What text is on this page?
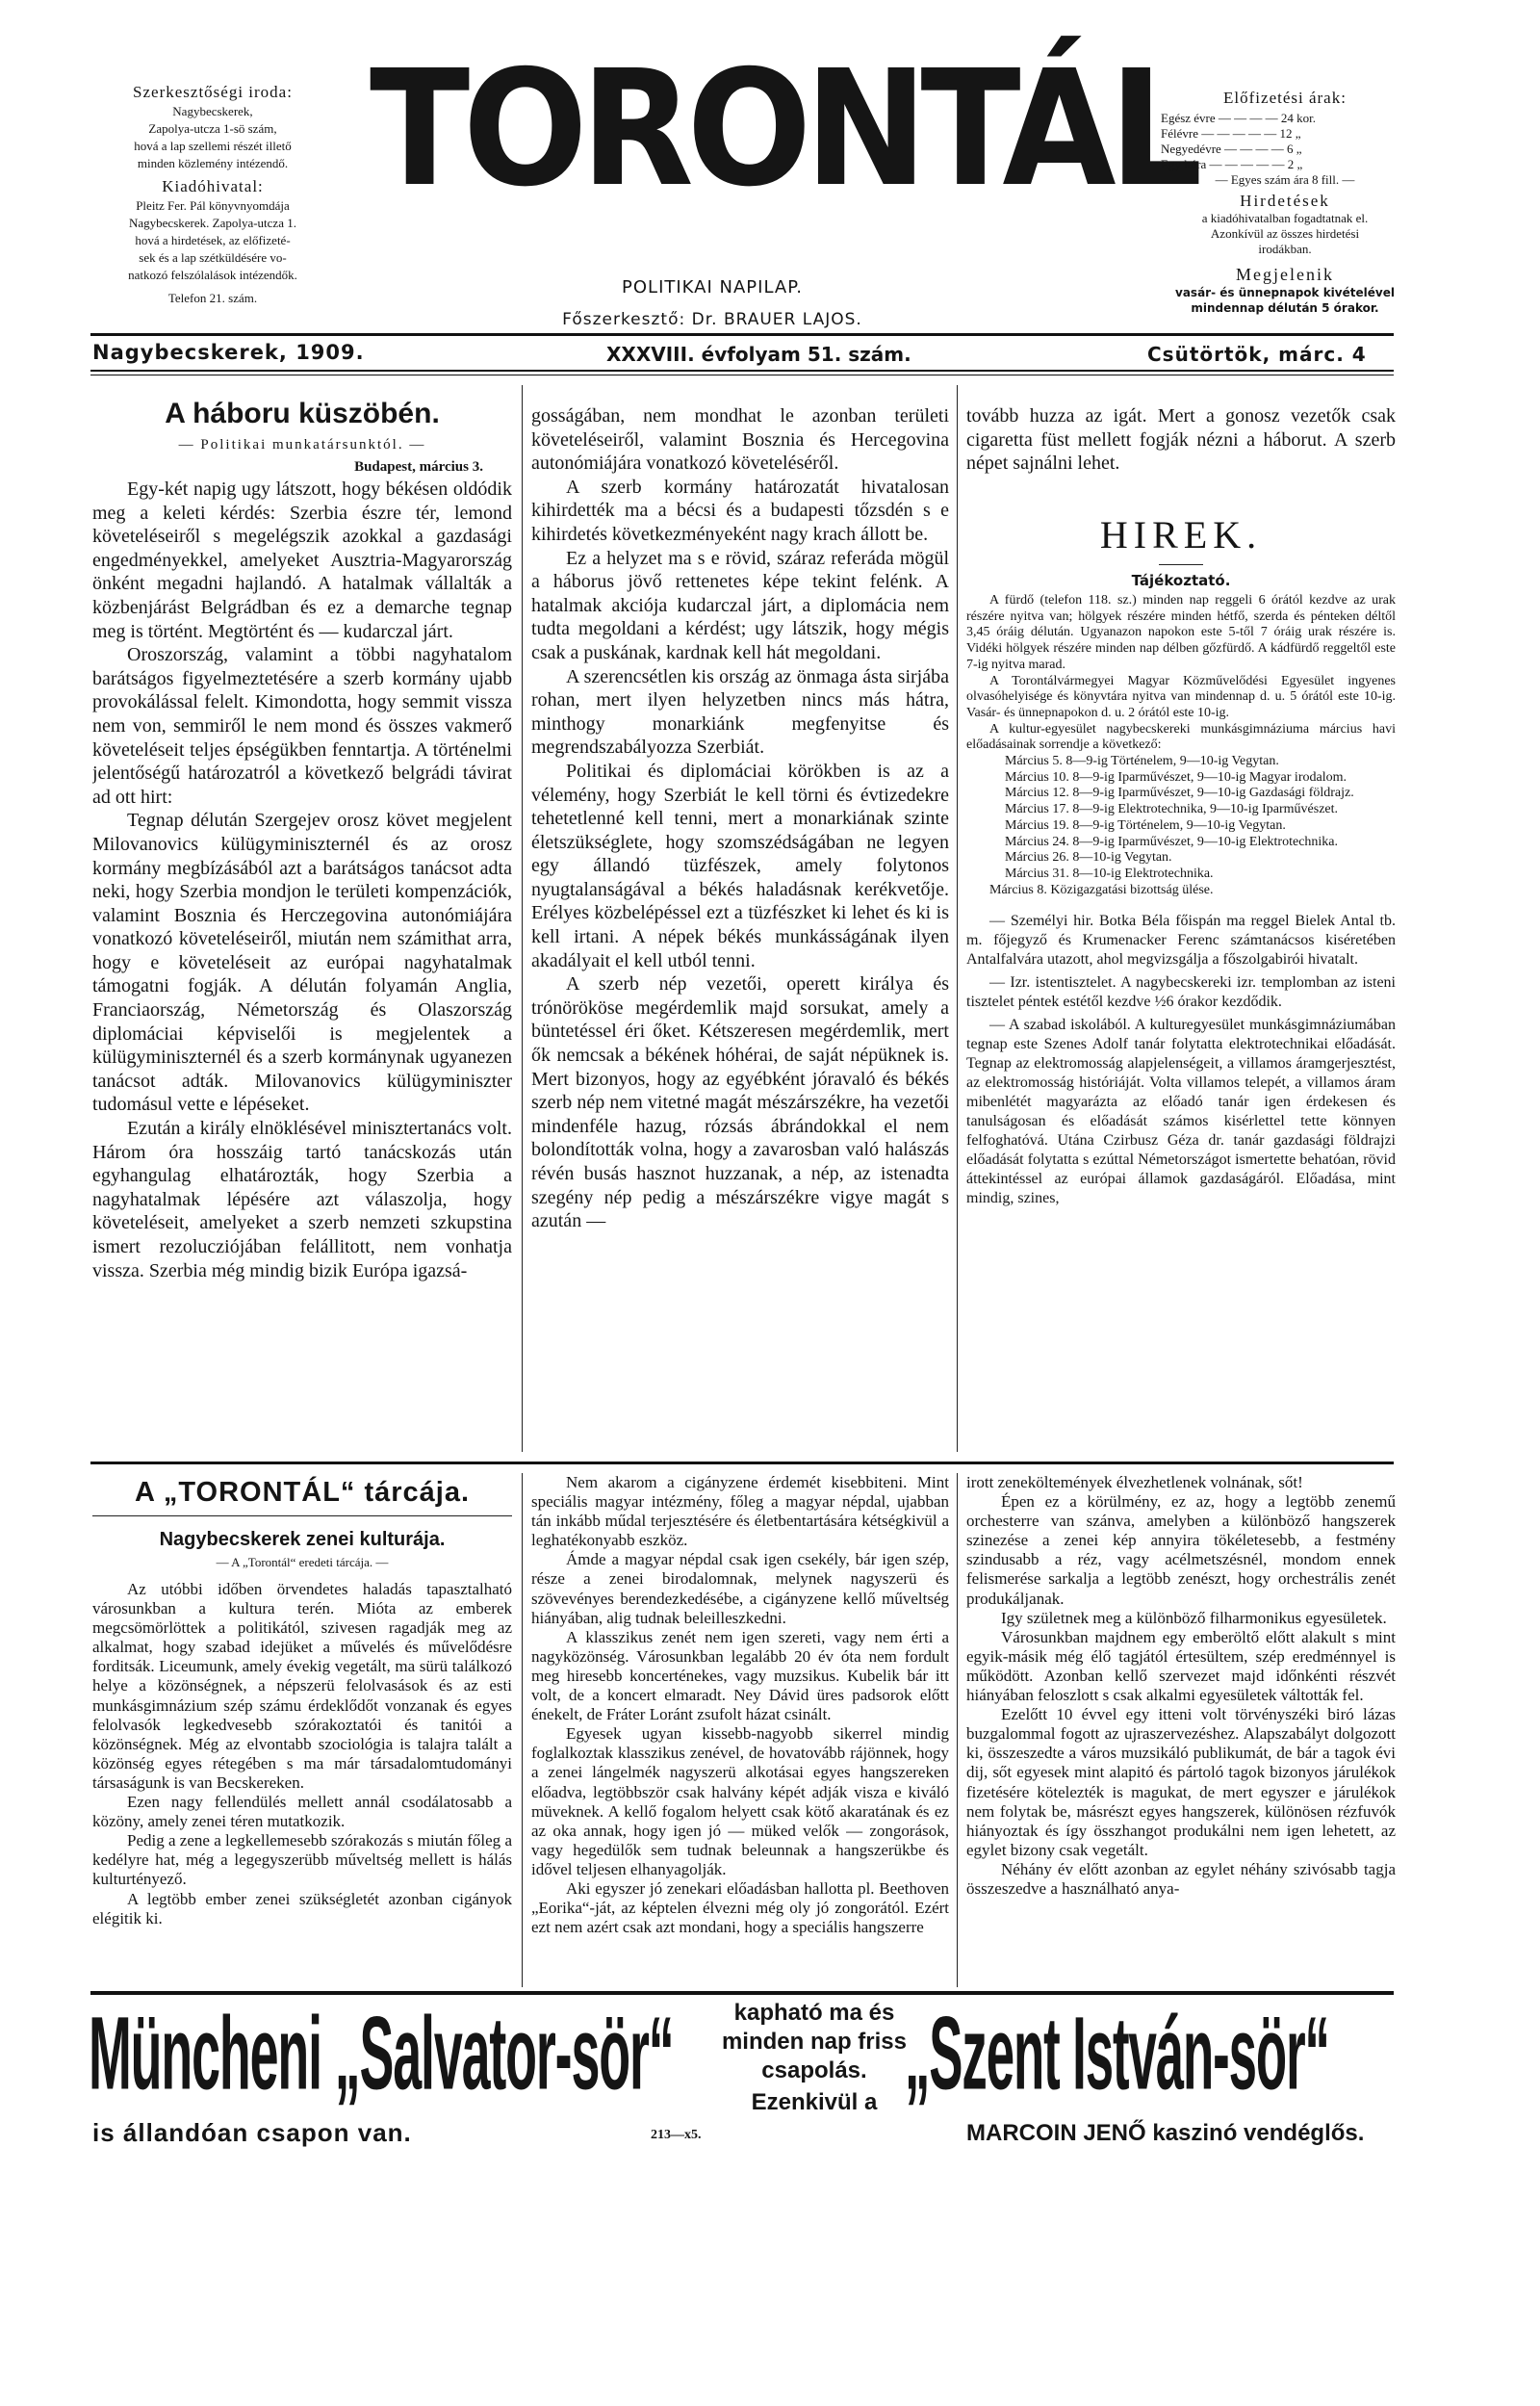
Szerkesztőségi iroda:

Nagybecskerek,

Zapolya-utcza 1-sö szám,

hová a lap szellemi részét illető

minden közlemény intézendő.

Kiadóhivatal:

Pleitz Fer. Pál könyvnyomdája

Nagybecskerek. Zapolya-utcza 1.

hová a hirdetések, az előfizeté-

sek és a lap szétküldésére vo-

natkozó felszólalások intézendők.

Telefon 21. szám.

TORONTÁL
POLITIKAI NAPILAP.
Főszerkesztő: Dr. BRAUER LAJOS.
Előfizetési árak:
Egész évre — — — — 24 kor.
Félévre — — — — — 12 „
Negyedévre — — — — 6 „
Egy hóra — — — — — 2 „
— Egyes szám ára 8 fill. —
Hirdetések
a kiadóhivatalban fogadtatnak el.
Azonkívül az összes hirdetési
irodákban.
Megjelenik
vasár- és ünnepnapok kivételével
mindennap délután 5 órakor.
Nagybecskerek, 1909.	XXXVIII. évfolyam 51. szám.	Csütörtök, márc. 4
A háboru küszöbén.
— Politikai munkatársunktól. —
Budapest, március 3.

Egy-két napig ugy látszott, hogy békésen oldódik meg a keleti kérdés: Szerbia észre tér, lemond követeléseiről s megelégszik azokkal a gazdasági engedményekkel, amelyeket Ausztria-Magyarország önként megadni hajlandó. A hatalmak vállalták a közbenjárást Belgrádban és ez a demarche tegnap meg is történt. Megtörtént és — kudarczal járt.

Oroszország, valamint a többi nagyhatalom barátságos figyelmeztetésére a szerb kormány ujabb provokálással felelt. Kimondotta, hogy semmit vissza nem von, semmiről le nem mond és összes vakmerő követeléseit teljes épségükben fenntartja. A történelmi jelentőségű határozatról a következő belgrádi távirat ad ott hirt:

Tegnap délután Szergejev orosz követ megjelent Milovanovics külügyminiszternél és az orosz kormány megbízásából azt a barátságos tanácsot adta neki, hogy Szerbia mondjon le területi kompenzációk, valamint Bosznia és Herczegovina autonómiájára vonatkozó követeléseiről, miután nem számithat arra, hogy e követeléseit az európai nagyhatalmak támogatni fogják. A délután folyamán Anglia, Franciaország, Németország és Olaszország diplomáciai képviselői is megjelentek a külügyminiszternél és a szerb kormánynak ugyanezen tanácsot adták. Milovanovics külügyminiszter tudomásul vette e lépéseket.

Ezután a király elnöklésével minisztertanács volt. Három óra hosszáig tartó tanácskozás után egyhangulag elhatározták, hogy Szerbia a nagyhatalmak lépésére azt válaszolja, hogy követeléseit, amelyeket a szerb nemzeti szkupstina ismert rezolucziójában felállitott, nem vonhatja vissza. Szerbia még mindig bizik Európa igazsá-

gosságában, nem mondhat le azonban területi követeléseiről, valamint Bosznia és Hercegovina autonómiájára vonatkozó követeléséről.

A szerb kormány határozatát hivatalosan kihirdették ma a bécsi és a budapesti tőzsdén s e kihirdetés következményeként nagy krach állott be.

Ez a helyzet ma s e rövid, száraz referáda mögül a háborus jövő rettenetes képe tekint felénk. A hatalmak akciója kudarczal járt, a diplomácia nem tudta megoldani a kérdést; ugy látszik, hogy mégis csak a puskának, kardnak kell hát megoldani.

A szerencsétlen kis ország az önmaga ásta sirjába rohan, mert ilyen helyzetben nincs más hátra, minthogy monarkiánk megfenyitse és megrendszabályozza Szerbiát.

Politikai és diplomáciai körökben is az a vélemény, hogy Szerbiát le kell törni és évtizedekre tehetetlenné kell tenni, mert a monarkiának szinte életszükséglete, hogy szomszédságában ne legyen egy állandó tüzfészek, amely folytonos nyugtalanságával a békés haladásnak kerékvetője. Erélyes közbelépéssel ezt a tüzfészket ki lehet és ki is kell irtani. A népek békés munkásságának ilyen akadályait el kell utból tenni.

A szerb nép vezetői, operett királya és trónörököse megérdemlik majd sorsukat, amely a büntetéssel éri őket. Kétszeresen megérdemlik, mert ők nemcsak a békének hóhérai, de saját népüknek is. Mert bizonyos, hogy az egyébként jóravaló és békés szerb nép nem vitetné magát mészárszékre, ha vezetői mindenféle hazug, rózsás ábrándokkal el nem bolondították volna, hogy a zavarosban való halászás révén busás hasznot huzzanak, a nép, az istenadta szegény nép pedig a mészárszékre vigye magát s azután —

tovább huzza az igát. Mert a gonosz vezetők csak cigaretta füst mellett fogják nézni a háborut. A szerb népet sajnálni lehet.

HIREK.
Tájékoztató.

A fürdő (telefon 118. sz.) minden nap reggeli 6 órától kezdve az urak részére nyitva van; hölgyek részére minden hétfő, szerda és pénteken déltől 3,45 óráig délután. Ugyanazon napokon este 5-től 7 óráig urak részére is. Vidéki hölgyek részére minden nap délben gőzfürdő. A kádfürdő reggeltől este 7-ig nyitva marad.

A Torontálvármegyei Magyar Közművelődési Egyesület ingyenes olvasóhelyisége és könyvtára nyitva van mindennap d. u. 5 órától este 10-ig. Vasár- és ünnepnapokon d. u. 2 órától este 10-ig.

A kultur-egyesület nagybecskereki munkásgimnáziuma március havi előadásainak sorrendje a következő:

Március 5. 8—9-ig Történelem, 9—10-ig Vegytan.

Március 10. 8—9-ig Iparművészet, 9—10-ig Magyar irodalom.

Március 12. 8—9-ig Iparművészet, 9—10-ig Gazdasági földrajz.

Március 17. 8—9-ig Elektrotechnika, 9—10-ig Iparművészet.

Március 19. 8—9-ig Történelem, 9—10-ig Vegytan.

Március 24. 8—9-ig Iparművészet, 9—10-ig Elektrotechnika.

Március 26. 8—10-ig Vegytan.

Március 31. 8—10-ig Elektrotechnika.

Március 8. Közigazgatási bizottság ülése.

— Személyi hir. Botka Béla főispán ma reggel Bielek Antal tb. m. főjegyző és Krumenacker Ferenc számtanácsos kiséretében Antalfalvára utazott, ahol megvizsgálja a főszolgabirói hivatalt.

— Izr. istentisztelet. A nagybecskereki izr. templomban az isteni tisztelet péntek estétől kezdve ½6 órakor kezdődik.

— A szabad iskolából. A kulturegyesület munkásgimnáziumában tegnap este Szenes Adolf tanár folytatta elektrotechnikai előadását. Tegnap az elektromosság alapjelenségeit, a villamos áramgerjesztést, az elektromosság históriáját. Volta villamos telepét, a villamos áram mibenlétét magyarázta az előadó tanár igen érdekesen és tanulságosan és előadását számos kisérlettel tette könnyen felfoghatóvá. Utána Czirbusz Géza dr. tanár gazdasági földrajzi előadását folytatta s ezúttal Németországot ismertette behatóan, rövid áttekintéssel az európai államok gazdaságáról. Előadása, mint mindig, szines,

A „TORONTÁL“ tárcája.
Nagybecskerek zenei kulturája.
— A „Torontál“ eredeti tárcája. —

Az utóbbi időben örvendetes haladás tapasztalható városunkban a kultura terén. Miótа az emberek megcsömörlöttek a politikától, szivesen ragadják meg az alkalmat, hogy szabad idejüket a művelés és művelődésre forditsák. Liceumunk, amely évekig vegetált, ma sürü találkozó helye a közönségnek, a népszerü felolvasások és az esti munkásgimnázium szép számu érdeklődőt vonzanak és egyes felolvasók legkedvesebb szórakoztatói és tanitói a közönségnek. Még az elvontabb szociológia is talajra talált a közönség egyes rétegében s ma már társadalomtudományi társaságunk is van Becskereken.

Ezen nagy fellendülés mellett annál csodálatosabb a közöny, amely zenei téren mutatkozik.

Pedig a zene a legkellemesebb szórakozás s miután főleg a kedélyre hat, még a legegyszerübb műveltség mellett is hálás kulturtényező.

A legtöbb ember zenei szükségletét azonban cigányok elégitik ki.

Nem akarom a cigányzene érdemét kisebbiteni. Mint speciális magyar intézmény, főleg a magyar népdal, ujabban tán inkább műdal terjesztésére és életbentartására kétségkivül a leghatékonyabb eszköz.

Ámde a magyar népdal csak igen csekély, bár igen szép, része a zenei birodalomnak, melynek nagyszerü és szövevényes berendezkedésébe, a cigányzene kellő műveltség hiányában, alig tudnak beleilleszkedni.

A klasszikus zenét nem igen szereti, vagy nem érti a nagyközönség. Városunkban legalább 20 év óta nem fordult meg hiresebb koncerténekes, vagy muzsikus. Kubelik bár itt volt, de a koncert elmaradt. Ney Dávid üres padsorok előtt énekelt, de Fráter Loránt zsufolt házat csinált.

Egyesek ugyan kissebb-nagyobb sikerrel mindig foglalkoztak klasszikus zenével, de hovatovább rájönnek, hogy a zenei lángelmék nagyszerü alkotásai egyes hangszereken előadva, legtöbbször csak halvány képét adják visza e kiváló müveknek. A kellő fogalom helyett csak kötő akaratának és ez az oka annak, hogy igen jó — müked velők — zongorások, vagy hegedülők sem tudnak beleunnak a hangszerükbe és idővel teljesen elhanyagolják.

Aki egyszer jó zenekari előadásban hallotta pl. Beethoven „Eorika“-ját, az képtelen élvezni még oly jó zongorától. Ezért ezt nem azért csak azt mondani, hogy a speciális hangszerre

irott zeneköltemények élvezhetlenek volnának, sőt!

Épen ez a körülmény, ez az, hogy a legtöbb zenemű orchesterre van szánva, amelyben a különböző hangszerek szinezése a zenei kép annyira tökéletesebb, a festmény szindusabb a réz, vagy acélmetszésnél, mondom ennek felismerése sarkalja a legtöbb zenészt, hogy orchestrális zenét produkáljanak.

Igy születnek meg a különböző filharmonikus egyesületek.

Városunkban majdnem egy emberöltő előtt alakult s mint egyik-másik még élő tagjától értesültem, szép eredménnyel is működött. Azonban kellő szervezet majd időnkénti részvét hiányában feloszlott s csak alkalmi egyesületek váltották fel.

Ezelőtt 10 évvel egy itteni volt törvényszéki biró lázas buzgalommal fogott az ujraszervezéshez. Alapszabályt dolgozott ki, összeszedte a város muzsikáló publikumát, de bár a tagok évi dij, sőt egyesek mint alapitó és pártoló tagok bizonyos járulékok fizetésére kötelezték is magukat, de mert egyszer e járulékok nem folytak be, másrészt egyes hangszerek, különösen rézfuvók hiányoztak és így összhangot produkálni nem igen lehetett, az egylet bizony csak vegetált.

Néhány év előtt azonban az egylet néhány szivósabb tagja összeszedve a használható anya-

Müncheni „Salvator-sör“
is állandóan csapon van.
kapható ma és
minden nap friss
csapolás.
Ezenkivül a
213—x5.
„Szent István-sör“
MARCOIN JENŐ kaszinó vendéglős.
